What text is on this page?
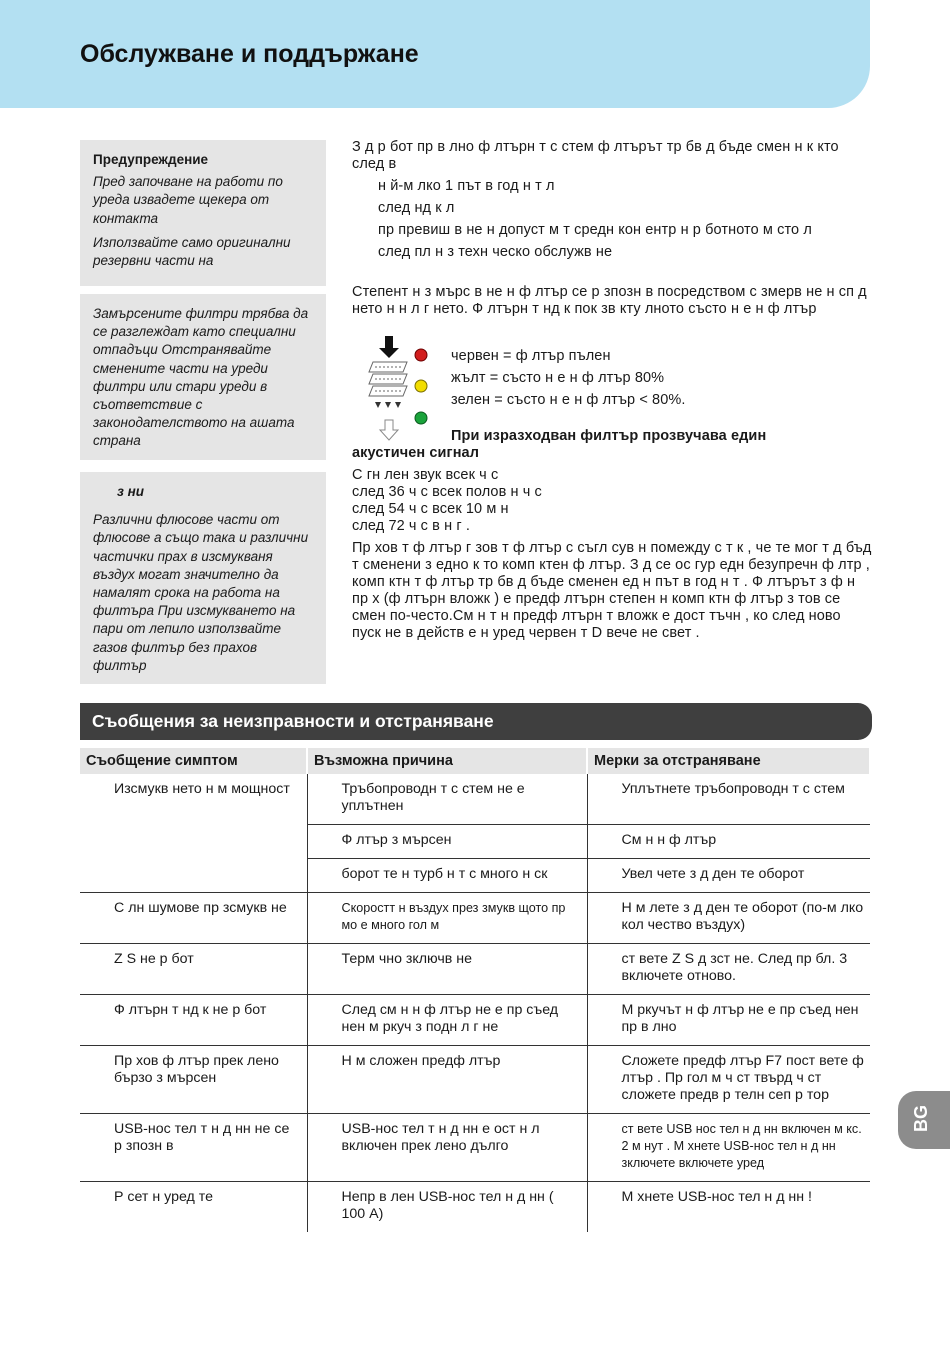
Обслужване и поддържане

Предупреждение

Пред започване на работи по уреда извадете щекера от контакта

Използвайте само оригинални резервни части на

Замърсените филтри трябва да се разглеждат като специални отпадъци Отстранявайте сменените части на уреди филтри или стари уреди в съответствие с законодателството на ашата страна

з ни

Различни флюсове части от флюсове а също така и различни частички прах в изсмукваня въздух могат значително да намалят срока на работа на филтъра При изсмукването на пари от лепило използвайте газов филтър без прахов филтър

З д р бот пр в лно ф лтърн т с стем ф лтърът тр бв д бъде смен н к кто след в

н й-м лко 1 път в год н т л

след нд к л

пр превиш в не н допуст м т средн кон ентр н р ботното м сто л

след пл н з техн ческо обслужв не

Степент н з мърс в не н ф лтър се р зпозн в посредством с змерв не н сп д нето н н л г нето. Ф лтърн т нд к пок зв кту лното състо н е н ф лтър

червен = ф лтър пълен

жълт = състо н е н ф лтър 80%

зелен = състо н е н ф лтър < 80%.

При изразходван филтър прозвучава един

акустичен сигнал

С гн лен звук всек ч с

след 36 ч с всек полов н ч с

след 54 ч с всек 10 м н

след 72 ч с в н г .

Пр хов т ф лтър г зов т ф лтър с съгл сув н помежду с т к , че те мог т д бъд т сменени з едно к то комп ктен ф лтър. З д се ос гур едн безупречн ф лтр , комп ктн т ф лтър тр бв д бъде сменен ед н път в год н т . Ф лтърът з ф н пр х (ф лтърн вложк ) е предф лтърн степен н комп ктн ф лтър з тов се смен по-често.См н т н предф лтърн т вложк е дост тъчн , ко след ново пуск не в действ е н уред червен т D вече не свет .

Съобщения за неизправности и отстраняване
Съобщение симптом	Възможна причина	Мерки за отстраняване
Изсмукв нето н м мощност	Тръбопроводн т с стем не е уплътнен	Уплътнете тръбопроводн т с стем
	Ф лтър з мърсен	См н н ф лтър
	борот те н турб н т с много н ск	Увел чете з д ден те оборот
С лн шумове пр зсмукв не	Скоростт н въздух през змукв щото пр мо е много гол м	Н м лете з д ден те оборот (по-м лко кол чество въздух)
Z S не р бот	Терм чно зключв не	ст вете Z S д зст не. След пр бл. 3 включете отново.
Ф лтърн т нд к не р бот	След см н н ф лтър не е пр съед нен м ркуч з подн л г не	М ркучът н ф лтър не е пр съед нен пр в лно
Пр хов ф лтър прек лено бързо з мърсен	Н м сложен предф лтър	Сложете предф лтър F7 пост вете ф лтър . Пр гол м ч ст твърд ч ст сложете предв р телн сеп р тор
USB-нос тел т н д нн не се р зпозн в	USB-нос тел т н д нн е ост н л включен прек лено дълго	ст вете USB нос тел н д нн включен м кс. 2 м нут . М хнете USB-нос тел н д нн зключете включете уред
Р сет н уред те	Непр в лен USB-нос тел н д нн ( 100 А)	М хнете USB-нос тел н д нн !
BG
